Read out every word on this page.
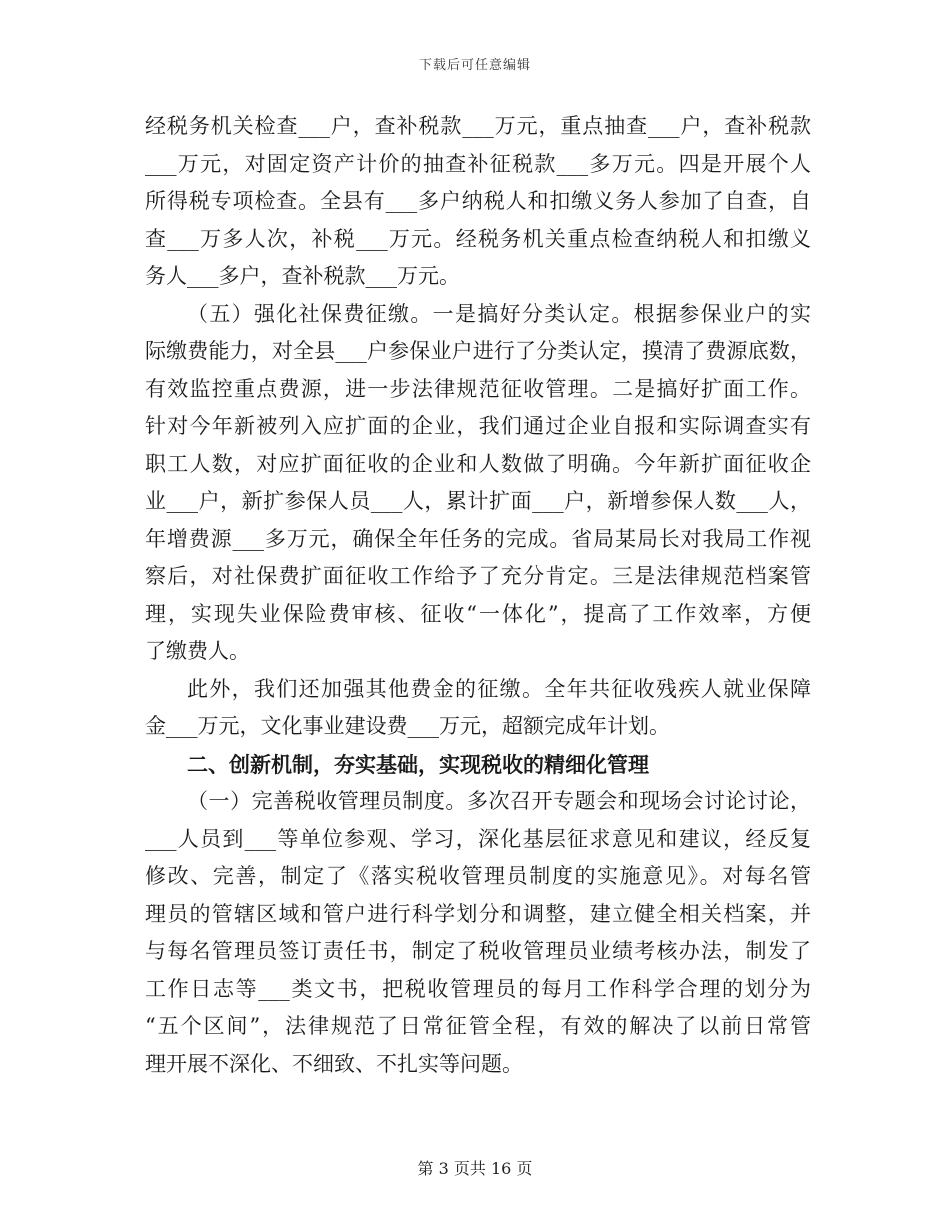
下载后可任意编辑
经税务机关检查___户，查补税款___万元，重点抽查___户，查补税款
___万元，对固定资产计价的抽查补征税款___多万元。四是开展个人
所得税专项检查。全县有___多户纳税人和扣缴义务人参加了自查，自
查___万多人次，补税___万元。经税务机关重点检查纳税人和扣缴义
务人___多户，查补税款___万元。
（五）强化社保费征缴。一是搞好分类认定。根据参保业户的实
际缴费能力，对全县___户参保业户进行了分类认定，摸清了费源底数，
有效监控重点费源，进一步法律规范征收管理。二是搞好扩面工作。
针对今年新被列入应扩面的企业，我们通过企业自报和实际调查实有
职工人数，对应扩面征收的企业和人数做了明确。今年新扩面征收企
业___户，新扩参保人员___人，累计扩面___户，新增参保人数___人，
年增费源___多万元，确保全年任务的完成。省局某局长对我局工作视
察后，对社保费扩面征收工作给予了充分肯定。三是法律规范档案管
理，实现失业保险费审核、征收“一体化”，提高了工作效率，方便
了缴费人。
此外，我们还加强其他费金的征缴。全年共征收残疾人就业保障
金___万元，文化事业建设费___万元，超额完成年计划。
二、创新机制，夯实基础，实现税收的精细化管理
（一）完善税收管理员制度。多次召开专题会和现场会讨论讨论，
___人员到___等单位参观、学习，深化基层征求意见和建议，经反复
修改、完善，制定了《落实税收管理员制度的实施意见》。对每名管
理员的管辖区域和管户进行科学划分和调整，建立健全相关档案，并
与每名管理员签订责任书，制定了税收管理员业绩考核办法，制发了
工作日志等___类文书，把税收管理员的每月工作科学合理的划分为
“五个区间”，法律规范了日常征管全程，有效的解决了以前日常管
理开展不深化、不细致、不扎实等问题。
第 3 页共 16 页
